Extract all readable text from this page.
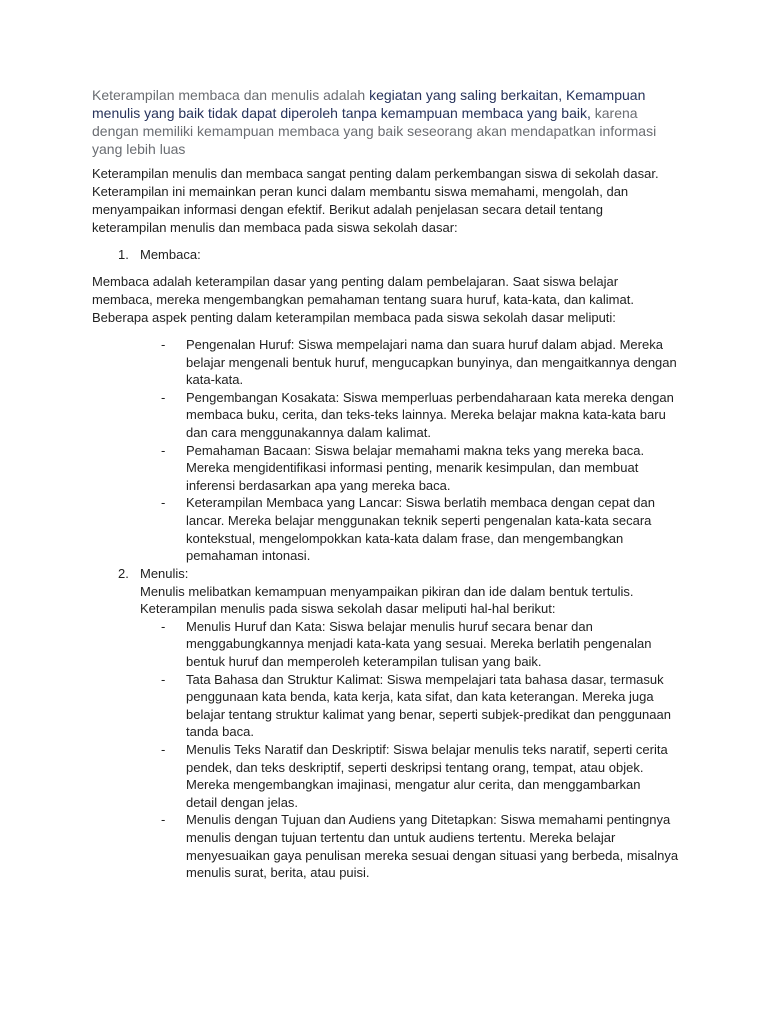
Keterampilan membaca dan menulis adalah kegiatan yang saling berkaitan, Kemampuan
menulis yang baik tidak dapat diperoleh tanpa kemampuan membaca yang baik, karena
dengan memiliki kemampuan membaca yang baik seseorang akan mendapatkan informasi
yang lebih luas
Keterampilan menulis dan membaca sangat penting dalam perkembangan siswa di sekolah dasar.
Keterampilan ini memainkan peran kunci dalam membantu siswa memahami, mengolah, dan
menyampaikan informasi dengan efektif. Berikut adalah penjelasan secara detail tentang
keterampilan menulis dan membaca pada siswa sekolah dasar:
1. Membaca:
Membaca adalah keterampilan dasar yang penting dalam pembelajaran. Saat siswa belajar
membaca, mereka mengembangkan pemahaman tentang suara huruf, kata-kata, dan kalimat.
Beberapa aspek penting dalam keterampilan membaca pada siswa sekolah dasar meliputi:
- Pengenalan Huruf: Siswa mempelajari nama dan suara huruf dalam abjad. Mereka
belajar mengenali bentuk huruf, mengucapkan bunyinya, dan mengaitkannya dengan
kata-kata.
- Pengembangan Kosakata: Siswa memperluas perbendaharaan kata mereka dengan
membaca buku, cerita, dan teks-teks lainnya. Mereka belajar makna kata-kata baru
dan cara menggunakannya dalam kalimat.
- Pemahaman Bacaan: Siswa belajar memahami makna teks yang mereka baca.
Mereka mengidentifikasi informasi penting, menarik kesimpulan, dan membuat
inferensi berdasarkan apa yang mereka baca.
- Keterampilan Membaca yang Lancar: Siswa berlatih membaca dengan cepat dan
lancar. Mereka belajar menggunakan teknik seperti pengenalan kata-kata secara
kontekstual, mengelompokkan kata-kata dalam frase, dan mengembangkan
pemahaman intonasi.
2. Menulis:
Menulis melibatkan kemampuan menyampaikan pikiran dan ide dalam bentuk tertulis.
Keterampilan menulis pada siswa sekolah dasar meliputi hal-hal berikut:
- Menulis Huruf dan Kata: Siswa belajar menulis huruf secara benar dan
menggabungkannya menjadi kata-kata yang sesuai. Mereka berlatih pengenalan
bentuk huruf dan memperoleh keterampilan tulisan yang baik.
- Tata Bahasa dan Struktur Kalimat: Siswa mempelajari tata bahasa dasar, termasuk
penggunaan kata benda, kata kerja, kata sifat, dan kata keterangan. Mereka juga
belajar tentang struktur kalimat yang benar, seperti subjek-predikat dan penggunaan
tanda baca.
- Menulis Teks Naratif dan Deskriptif: Siswa belajar menulis teks naratif, seperti cerita
pendek, dan teks deskriptif, seperti deskripsi tentang orang, tempat, atau objek.
Mereka mengembangkan imajinasi, mengatur alur cerita, dan menggambarkan
detail dengan jelas.
- Menulis dengan Tujuan dan Audiens yang Ditetapkan: Siswa memahami pentingnya
menulis dengan tujuan tertentu dan untuk audiens tertentu. Mereka belajar
menyesuaikan gaya penulisan mereka sesuai dengan situasi yang berbeda, misalnya
menulis surat, berita, atau puisi.
